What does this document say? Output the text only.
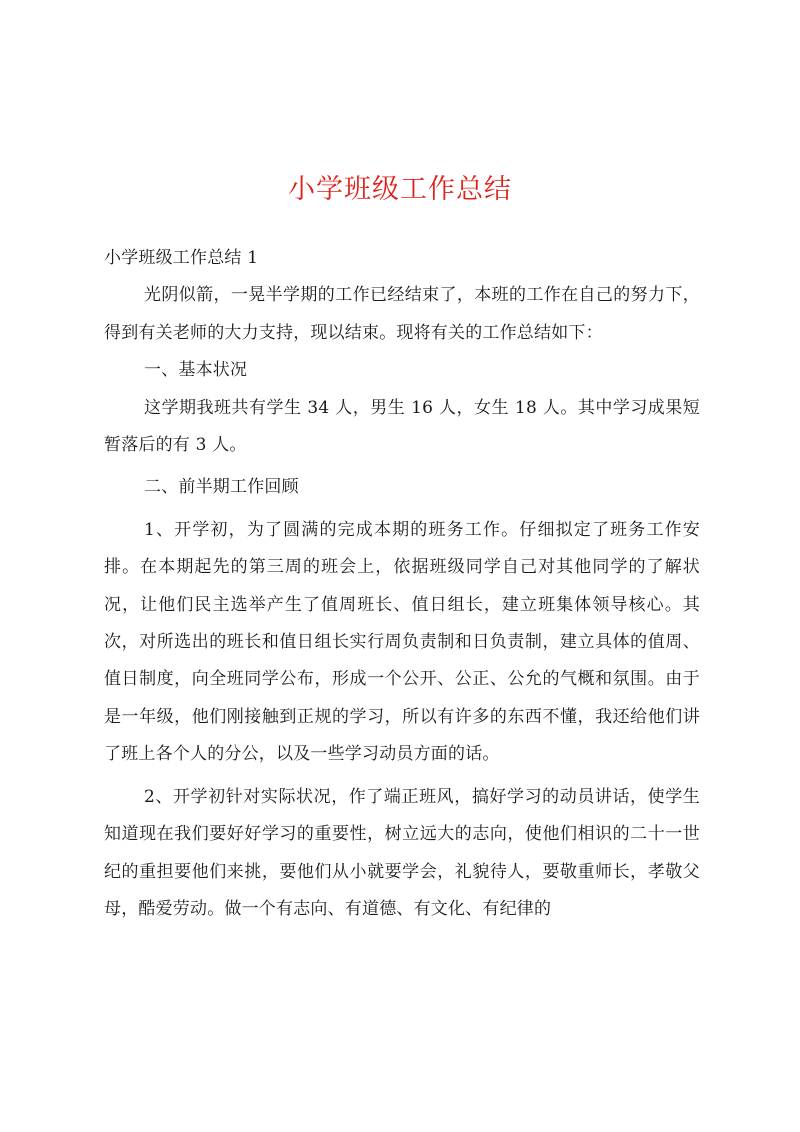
小学班级工作总结

小学班级工作总结 1

光阴似箭，一晃半学期的工作已经结束了，本班的工作在自己的努力下，得到有关老师的大力支持，现以结束。现将有关的工作总结如下：

一、基本状况

这学期我班共有学生 34 人，男生 16 人，女生 18 人。其中学习成果短暂落后的有 3 人。

二、前半期工作回顾

1、开学初，为了圆满的完成本期的班务工作。仔细拟定了班务工作安排。在本期起先的第三周的班会上，依据班级同学自己对其他同学的了解状况，让他们民主选举产生了值周班长、值日组长，建立班集体领导核心。其次，对所选出的班长和值日组长实行周负责制和日负责制，建立具体的值周、值日制度，向全班同学公布，形成一个公开、公正、公允的气概和氛围。由于是一年级，他们刚接触到正规的学习，所以有许多的东西不懂，我还给他们讲了班上各个人的分公，以及一些学习动员方面的话。

2、开学初针对实际状况，作了端正班风，搞好学习的动员讲话，使学生知道现在我们要好好学习的重要性，树立远大的志向，使他们相识的二十一世纪的重担要他们来挑，要他们从小就要学会，礼貌待人，要敬重师长，孝敬父母，酷爱劳动。做一个有志向、有道德、有文化、有纪律的
